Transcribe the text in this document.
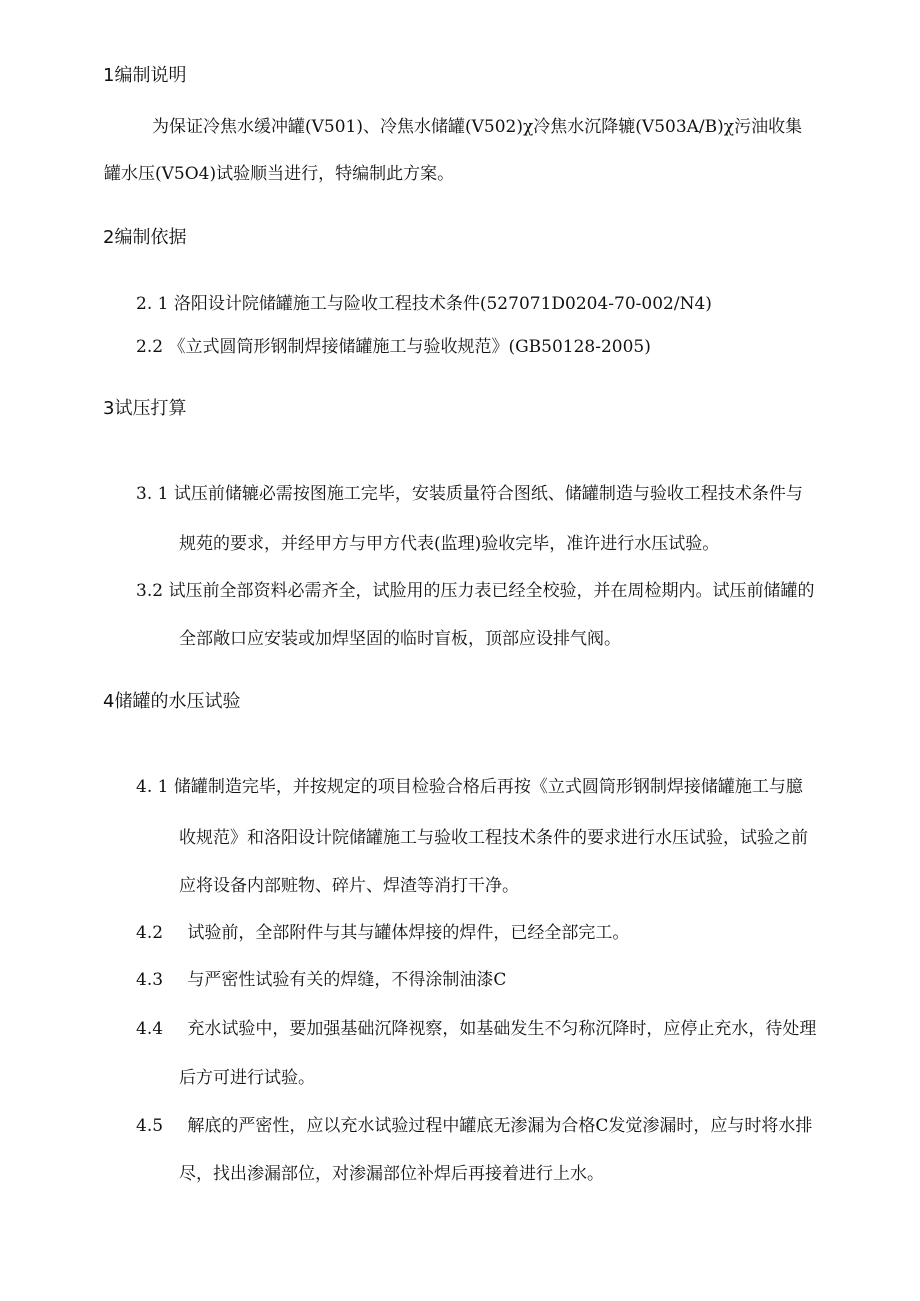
1编制说明
为保证冷焦水缓冲罐(V501)、冷焦水储罐(V502)χ冷焦水沉降辘(V503A/B)χ污油收集
罐水压(V5O4)试验顺当进行，特编制此方案。
2编制依据
2. 1 洛阳设计院储罐施工与险收工程技术条件(527071D0204-70-002/N4)
2.2 《立式圆筒形钢制焊接储罐施工与验收规范》(GB50128-2005)
3试压打算
3. 1 试压前储辘必需按图施工完毕，安装质量符合图纸、储罐制造与验收工程技术条件与
规苑的要求，并经甲方与甲方代表(监理)验收完毕，准许进行水压试验。
3.2 试压前全部资料必需齐全，试脸用的压力表已经全校验，并在周检期内。试压前储罐的
全部敞口应安装或加焊坚固的临时盲板，顶部应设排气阀。
4储罐的水压试验
4. 1 储罐制造完毕，并按规定的项目检验合格后再按《立式圆筒形钢制焊接储罐施工与臆
收规范》和洛阳设计院储罐施工与验收工程技术条件的要求进行水压试验，试验之前
应将设备内部赃物、碎片、焊渣等消打干净。
4.2 试验前，全部附件与其与罐体焊接的焊件，已经全部完工。
4.3 与严密性试验有关的焊缝，不得涂制油漆C
4.4 充水试验中，要加强基础沉降视察，如基础发生不匀称沉降时，应停止充水，待处理
后方可进行试验。
4.5 解底的严密性，应以充水试验过程中罐底无渗漏为合格C发觉渗漏时，应与时将水排
尽，找出渗漏部位，对渗漏部位补焊后再接着进行上水。
